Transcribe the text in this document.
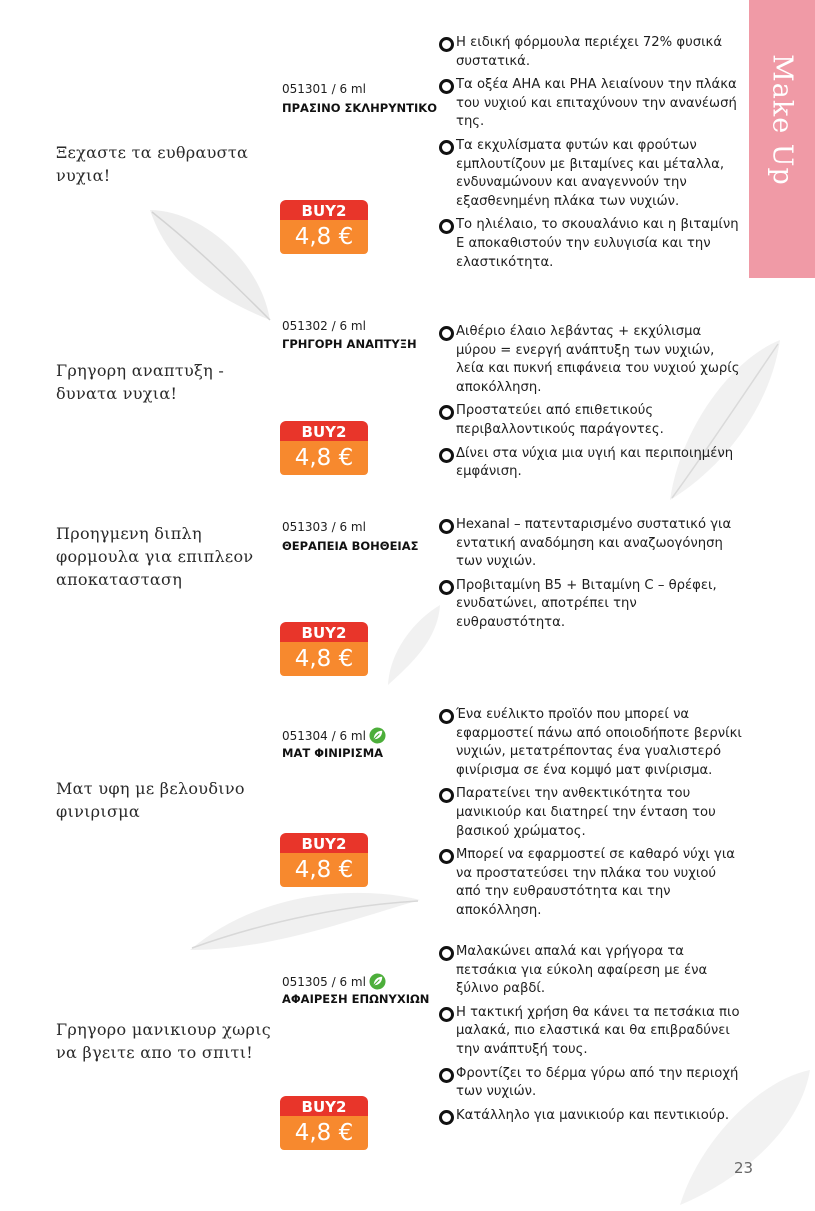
Make Up
Ξεχαστε τα ευθραυστα νυχια!
051301 / 6 ml
ΠΡΑΣΙΝΟ ΣΚΛΗΡΥΝΤΙΚΟ
BUY2
4,8 €
Η ειδική φόρμουλα περιέχει 72% φυσικά συστατικά.
Τα οξέα AHA και PHA λειαίνουν την πλάκα του νυχιού και επιταχύνουν την ανανέωσή της.
Τα εκχυλίσματα φυτών και φρούτων εμπλουτίζουν με βιταμίνες και μέταλλα, ενδυναμώνουν και αναγεννούν την εξασθενημένη πλάκα των νυχιών.
Το ηλιέλαιο, το σκουαλάνιο και η βιταμίνη E αποκαθιστούν την ευλυγισία και την ελαστικότητα.
Γρηγορη αναπτυξη - δυνατα νυχια!
051302 / 6 ml
ΓΡΗΓΟΡΗ ΑΝΑΠΤΥΞΗ
BUY2
4,8 €
Αιθέριο έλαιο λεβάντας + εκχύλισμα μύρου = ενεργή ανάπτυξη των νυχιών, λεία και πυκνή επιφάνεια του νυχιού χωρίς αποκόλληση.
Προστατεύει από επιθετικούς περιβαλλοντικούς παράγοντες.
Δίνει στα νύχια μια υγιή και περιποιημένη εμφάνιση.
Προηγμενη διπλη φορμουλα για επιπλεον αποκατασταση
051303 / 6 ml
ΘΕΡΑΠΕΙΑ ΒΟΗΘΕΙΑΣ
BUY2
4,8 €
Hexanal – πατενταρισμένο συστατικό για εντατική αναδόμηση και αναζωογόνηση των νυχιών.
Προβιταμίνη B5 + Βιταμίνη C – θρέφει, ενυδατώνει, αποτρέπει την ευθραυστότητα.
Ματ υφη με βελουδινο φινιρισμα
051304 / 6 ml
ΜΑΤ ΦΙΝΙΡΙΣΜΑ
BUY2
4,8 €
Ένα ευέλικτο προϊόν που μπορεί να εφαρμοστεί πάνω από οποιοδήποτε βερνίκι νυχιών, μετατρέποντας ένα γυαλιστερό φινίρισμα σε ένα κομψό ματ φινίρισμα.
Παρατείνει την ανθεκτικότητα του μανικιούρ και διατηρεί την ένταση του βασικού χρώματος.
Μπορεί να εφαρμοστεί σε καθαρό νύχι για να προστατεύσει την πλάκα του νυχιού από την ευθραυστότητα και την αποκόλληση.
Γρηγορο μανικιουρ χωρις να βγειτε απο το σπιτι!
051305 / 6 ml
ΑΦΑΙΡΕΣΗ ΕΠΩΝΥΧΙΩΝ
BUY2
4,8 €
Μαλακώνει απαλά και γρήγορα τα πετσάκια για εύκολη αφαίρεση με ένα ξύλινο ραβδί.
Η τακτική χρήση θα κάνει τα πετσάκια πιο μαλακά, πιο ελαστικά και θα επιβραδύνει την ανάπτυξή τους.
Φροντίζει το δέρμα γύρω από την περιοχή των νυχιών.
Κατάλληλο για μανικιούρ και πεντικιούρ.
23
